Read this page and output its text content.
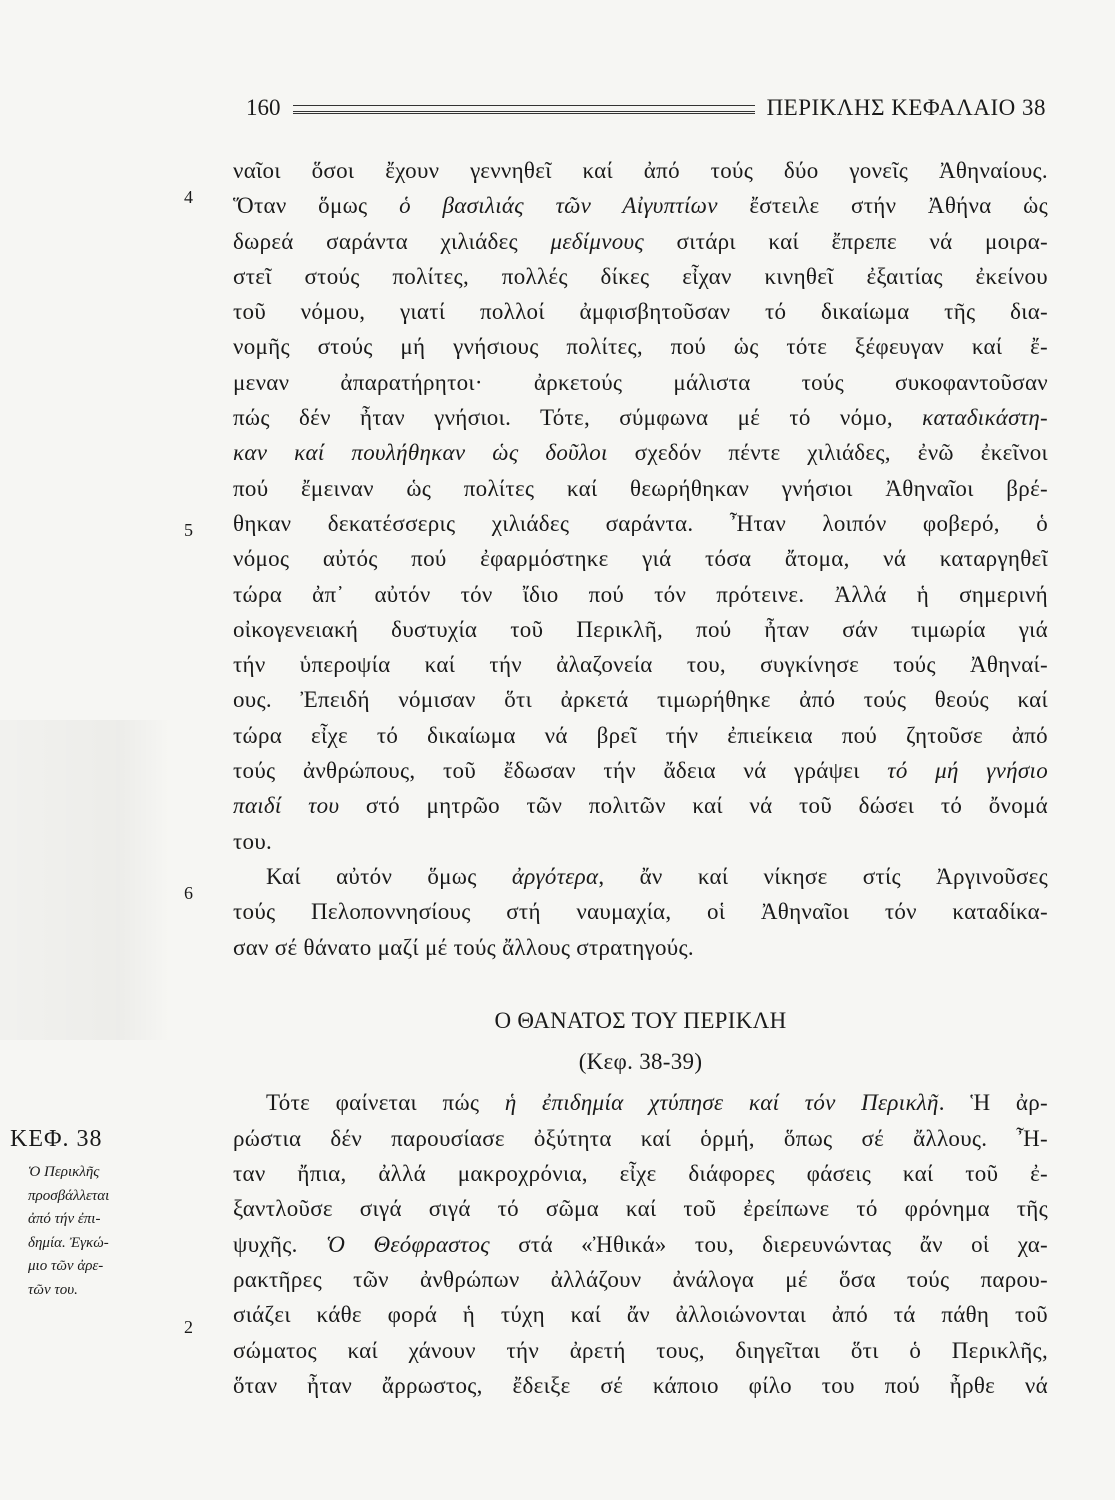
160	ΠΕΡΙΚΛΗΣ ΚΕΦΑΛΑΙΟ 38
4
5
6
2
ΚΕΦ. 38
Ὁ Περικλῆς
προσβάλλεται
ἀπό τήν ἐπι-
δημία. Ἐγκώ-
μιο τῶν ἀρε-
τῶν του.
ναῖοι ὅσοι ἔχουν γεννηθεῖ καί ἀπό τούς δύο γονεῖς Ἀθηναίους.
Ὅταν ὅμως ὁ βασιλιάς τῶν Αἰγυπτίων ἔστειλε στήν Ἀθήνα ὡς
δωρεά σαράντα χιλιάδες μεδίμνους σιτάρι καί ἔπρεπε νά μοιρα-
στεῖ στούς πολίτες, πολλές δίκες εἶχαν κινηθεῖ ἐξαιτίας ἐκείνου
τοῦ νόμου, γιατί πολλοί ἀμφισβητοῦσαν τό δικαίωμα τῆς δια-
νομῆς στούς μή γνήσιους πολίτες, πού ὡς τότε ξέφευγαν καί ἔ-
μεναν ἀπαρατήρητοι· ἀρκετούς μάλιστα τούς συκοφαντοῦσαν
πώς δέν ἦταν γνήσιοι. Τότε, σύμφωνα μέ τό νόμο, καταδικάστη-
καν καί πουλήθηκαν ὡς δοῦλοι σχεδόν πέντε χιλιάδες, ἐνῶ ἐκεῖνοι
πού ἔμειναν ὡς πολίτες καί θεωρήθηκαν γνήσιοι Ἀθηναῖοι βρέ-
θηκαν δεκατέσσερις χιλιάδες σαράντα. Ἦταν λοιπόν φοβερό, ὁ
νόμος αὐτός πού ἐφαρμόστηκε γιά τόσα ἄτομα, νά καταργηθεῖ
τώρα ἀπ᾽ αὐτόν τόν ἴδιο πού τόν πρότεινε. Ἀλλά ἡ σημερινή
οἰκογενειακή δυστυχία τοῦ Περικλῆ, πού ἦταν σάν τιμωρία γιά
τήν ὑπεροψία καί τήν ἀλαζονεία του, συγκίνησε τούς Ἀθηναί-
ους. Ἐπειδή νόμισαν ὅτι ἀρκετά τιμωρήθηκε ἀπό τούς θεούς καί
τώρα εἶχε τό δικαίωμα νά βρεῖ τήν ἐπιείκεια πού ζητοῦσε ἀπό
τούς ἀνθρώπους, τοῦ ἔδωσαν τήν ἄδεια νά γράψει τό μή γνήσιο
παιδί του στό μητρῶο τῶν πολιτῶν καί νά τοῦ δώσει τό ὄνομά
του.
Καί αὐτόν ὅμως ἀργότερα, ἄν καί νίκησε στίς Ἀργινοῦσες
τούς Πελοποννησίους στή ναυμαχία, οἱ Ἀθηναῖοι τόν καταδίκα-
σαν σέ θάνατο μαζί μέ τούς ἄλλους στρατηγούς.
Ο ΘΑΝΑΤΟΣ ΤΟΥ ΠΕΡΙΚΛΗ
(Κεφ. 38-39)
Τότε φαίνεται πώς ἡ ἐπιδημία χτύπησε καί τόν Περικλῆ. Ἡ ἀρ-
ρώστια δέν παρουσίασε ὀξύτητα καί ὁρμή, ὅπως σέ ἄλλους. Ἦ-
ταν ἤπια, ἀλλά μακροχρόνια, εἶχε διάφορες φάσεις καί τοῦ ἐ-
ξαντλοῦσε σιγά σιγά τό σῶμα καί τοῦ ἐρείπωνε τό φρόνημα τῆς
ψυχῆς. Ὁ Θεόφραστος στά «Ἠθικά» του, διερευνώντας ἄν οἱ χα-
ρακτῆρες τῶν ἀνθρώπων ἀλλάζουν ἀνάλογα μέ ὅσα τούς παρου-
σιάζει κάθε φορά ἡ τύχη καί ἄν ἀλλοιώνονται ἀπό τά πάθη τοῦ
σώματος καί χάνουν τήν ἀρετή τους, διηγεῖται ὅτι ὁ Περικλῆς,
ὅταν ἦταν ἄρρωστος, ἔδειξε σέ κάποιο φίλο του πού ἦρθε νά
